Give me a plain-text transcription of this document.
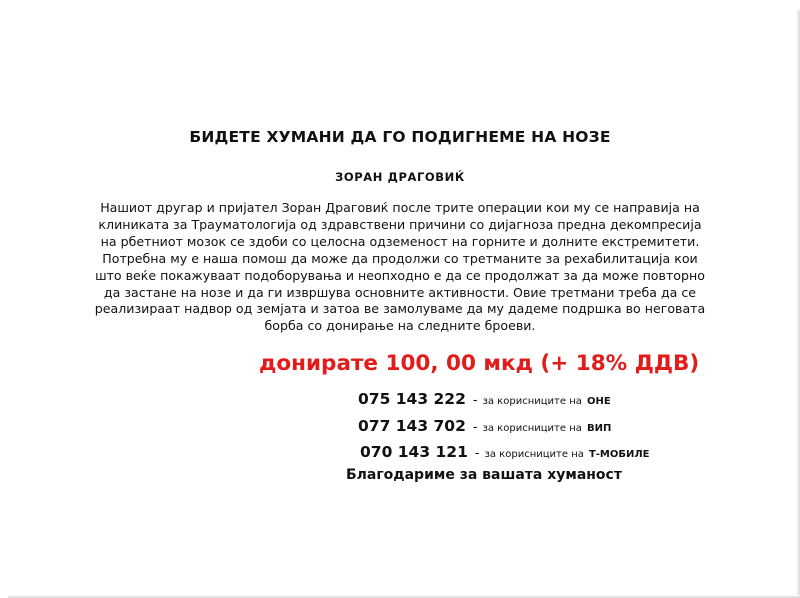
БИДЕТЕ ХУМАНИ ДА ГО ПОДИГНЕМЕ НА НОЗЕ
ЗОРАН ДРАГОВИЌ

Нашиот другар и пријател Зоран Драговиќ после трите операции кои му се направија на
клиниката за Трауматологија од здравствени причини со дијагноза предна декомпресија
на рбетниот мозок се здоби со целосна одземеност на горните и долните екстремитети.
Потребна му е наша помош да може да продолжи со третманите за рехабилитација кои
што веќе покажуваат подоборувања и неопходно е да се продолжат за да може повторно
да застане на нозе и да ги извршува основните активности. Овие третмани треба да се
реализираат надвор од земјата и затоа ве замолуваме да му дадеме подршка во неговата
борба со донирање на следните броеви.

донирате 100, 00 мкд (+ 18% ДДВ)

075 143 222 - за корисниците на ОНЕ
077 143 702 - за корисниците на ВИП
070 143 121 - за корисниците на Т-МОБИЛЕ

Благодариме за вашата хуманост
